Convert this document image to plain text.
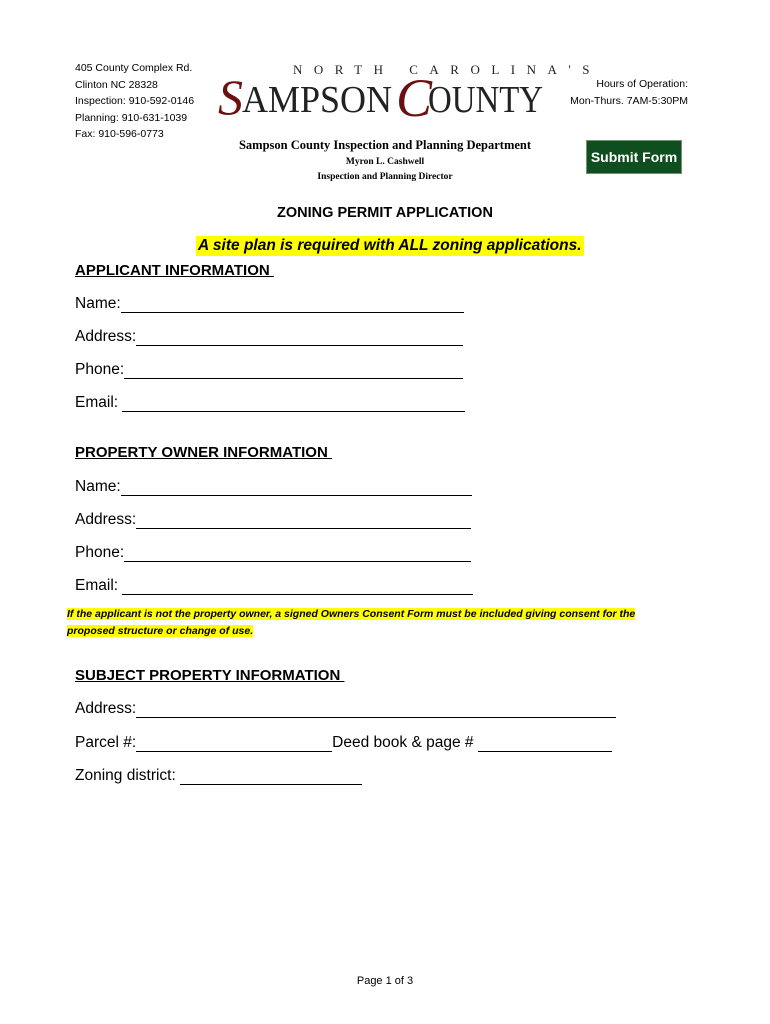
405 County Complex Rd.
Clinton NC 28328
Inspection: 910-592-0146
Planning: 910-631-1039
Fax: 910-596-0773
NORTH CAROLINA'S
S AMPSON C
OUNTY	Hours of Operation:
Mon-Thurs. 7AM-5:30PM
Sampson County Inspection and Planning Department
Myron L. Cashwell
Inspection and Planning Director
Submit Form
ZONING PERMIT APPLICATION
A site plan is required with ALL zoning applications.
APPLICANT INFORMATION
Name:
Address:
Phone:
Email:
PROPERTY OWNER INFORMATION
Name:
Address:
Phone:
Email:
If the applicant is not the property owner, a signed Owners Consent Form must be included giving consent for the
proposed structure or change of use.
SUBJECT PROPERTY INFORMATION
Address:
Parcel #:	Deed book & page #
Zoning district:
Page 1 of 3
